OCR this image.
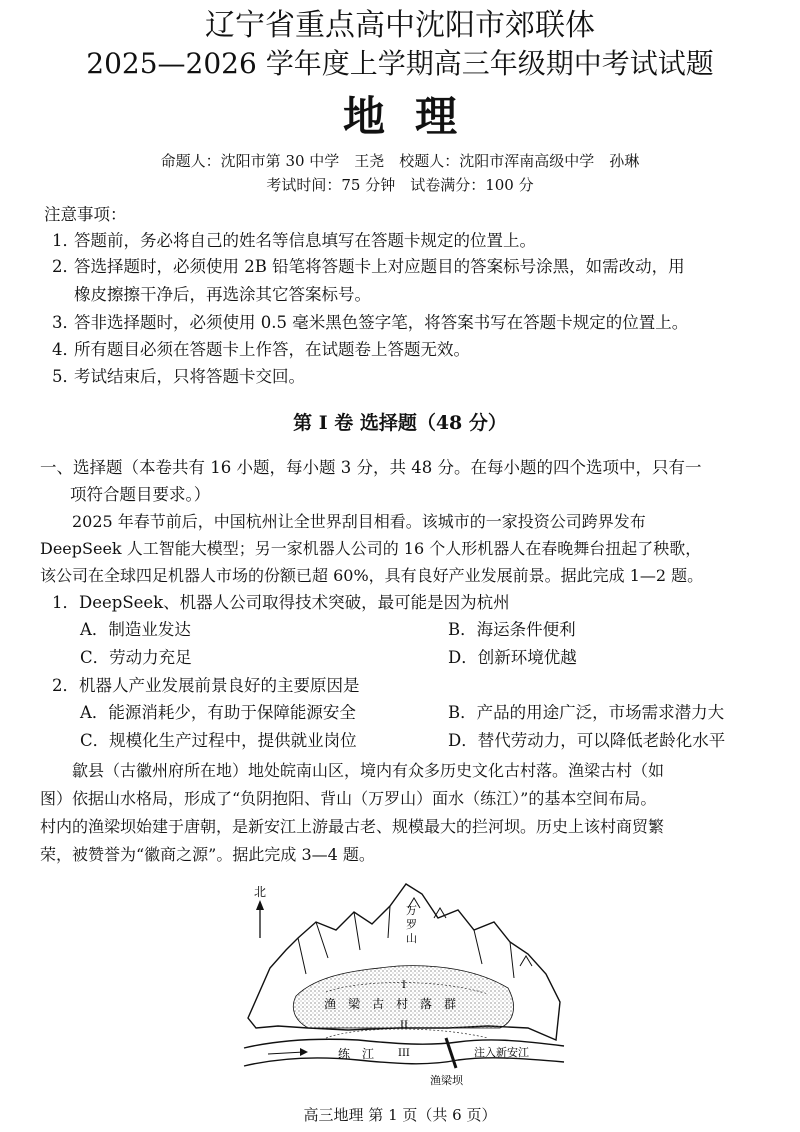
辽宁省重点高中沈阳市郊联体
2025—2026 学年度上学期高三年级期中考试试题
地理
命题人：沈阳市第 30 中学　王尧　校题人：沈阳市浑南高级中学　孙琳
考试时间：75 分钟　试卷满分：100 分
注意事项：
1．答题前，务必将自己的姓名等信息填写在答题卡规定的位置上。
2．答选择题时，必须使用 2B 铅笔将答题卡上对应题目的答案标号涂黑，如需改动，用
橡皮擦擦干净后，再选涂其它答案标号。
3．答非选择题时，必须使用 0.5 毫米黑色签字笔，将答案书写在答题卡规定的位置上。
4．所有题目必须在答题卡上作答，在试题卷上答题无效。
5．考试结束后，只将答题卡交回。
第 I 卷 选择题（48 分）
一、选择题（本卷共有 16 小题，每小题 3 分，共 48 分。在每小题的四个选项中，只有一
项符合题目要求。）
2025 年春节前后，中国杭州让全世界刮目相看。该城市的一家投资公司跨界发布
DeepSeek 人工智能大模型；另一家机器人公司的 16 个人形机器人在春晚舞台扭起了秧歌，
该公司在全球四足机器人市场的份额已超 60%，具有良好产业发展前景。据此完成 1—2 题。
1．DeepSeek、机器人公司取得技术突破，最可能是因为杭州
A．制造业发达	B．海运条件便利
C．劳动力充足	D．创新环境优越
2．机器人产业发展前景良好的主要原因是
A．能源消耗少，有助于保障能源安全	B．产品的用途广泛，市场需求潜力大
C．规模化生产过程中，提供就业岗位	D．替代劳动力，可以降低老龄化水平
歙县（古徽州府所在地）地处皖南山区，境内有众多历史文化古村落。渔梁古村（如
图）依据山水格局，形成了“负阴抱阳、背山（万罗山）面水（练江）”的基本空间布局。
村内的渔梁坝始建于唐朝，是新安江上游最古老、规模最大的拦河坝。历史上该村商贸繁
荣，被赞誉为“徽商之源”。据此完成 3—4 题。
北
万
罗
山
渔　梁　古　村　落　群
I
II
III
练　江	注入新安江
渔梁坝
高三地理 第 1 页（共 6 页）
